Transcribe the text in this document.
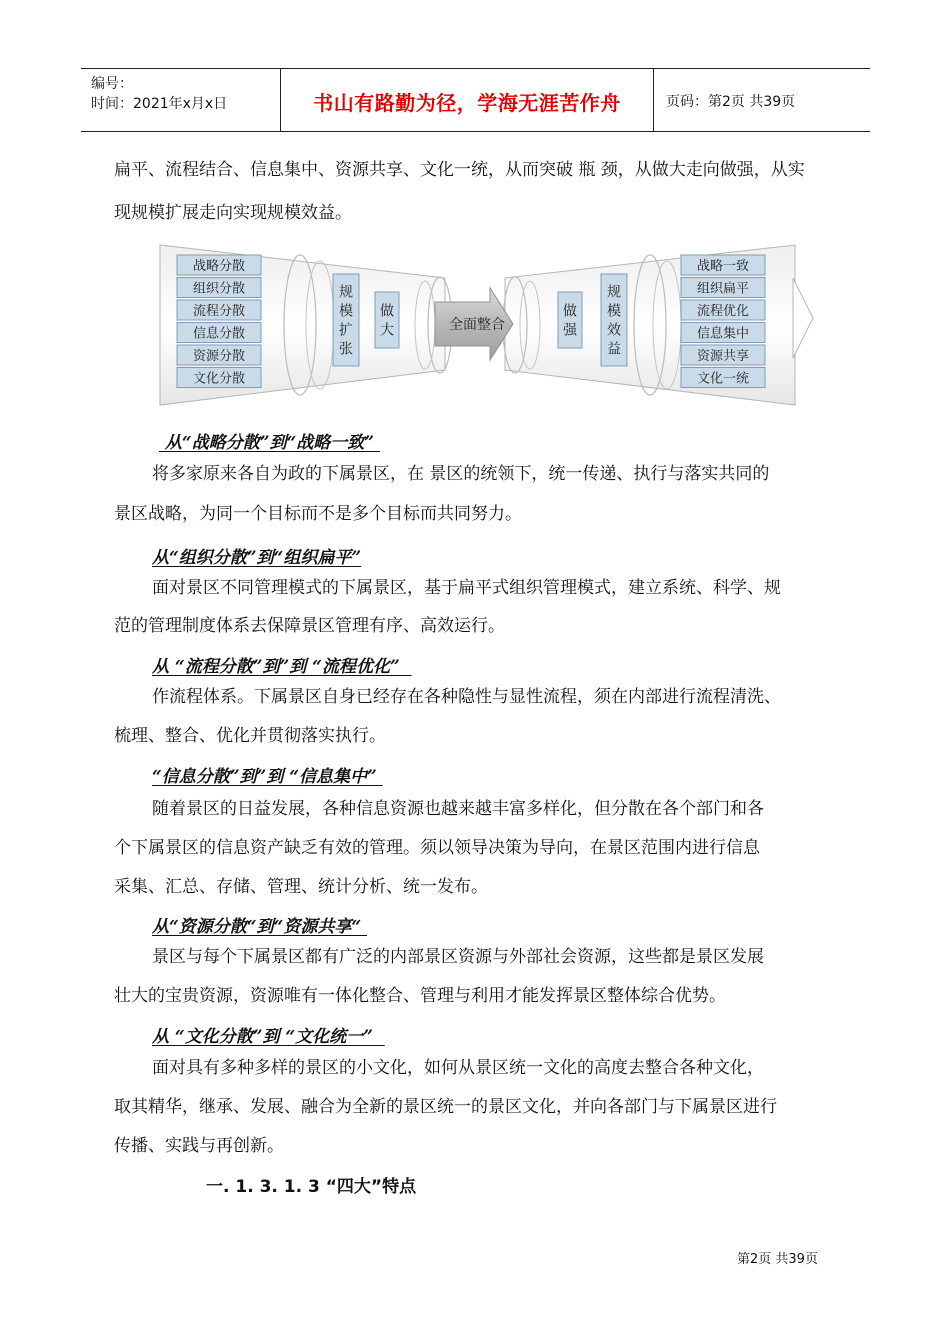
编号：
时间：2021年x月x日	书山有路勤为径，学海无涯苦作舟	页码：第2页 共39页
扁平、流程结合、信息集中、资源共享、文化一统，从而突破 瓶 颈，从做大走向做强，从实
现规模扩展走向实现规模效益。
战略分散
组织分散
流程分散
信息分散
资源分散
文化分散
战略一致
组织扁平
流程优化
信息集中
资源共享
文化一统
规模扩张
做大	全面整合
做强
规模效益
从“战略分散”到“战略一致”
将多家原来各自为政的下属景区，在 景区的统领下，统一传递、执行与落实共同的
景区战略，为同一个目标而不是多个目标而共同努力。
从“组织分散”到“组织扁平”
面对景区不同管理模式的下属景区，基于扁平式组织管理模式，建立系统、科学、规
范的管理制度体系去保障景区管理有序、高效运行。
从 “流程分散”到”到 “流程优化”
作流程体系。下属景区自身已经存在各种隐性与显性流程，须在内部进行流程清洗、
梳理、整合、优化并贯彻落实执行。
“信息分散”到”到 “信息集中”
随着景区的日益发展，各种信息资源也越来越丰富多样化，但分散在各个部门和各
个下属景区的信息资产缺乏有效的管理。须以领导决策为导向，在景区范围内进行信息
采集、汇总、存储、管理、统计分析、统一发布。
从“资源分散“到“资源共享“
景区与每个下属景区都有广泛的内部景区资源与外部社会资源，这些都是景区发展
壮大的宝贵资源，资源唯有一体化整合、管理与利用才能发挥景区整体综合优势。
从 “文化分散”到 “文化统一”
面对具有多种多样的景区的小文化，如何从景区统一文化的高度去整合各种文化，
取其精华，继承、发展、融合为全新的景区统一的景区文化，并向各部门与下属景区进行
传播、实践与再创新。
一. 1. 3. 1. 3 “四大”特点
第2页 共39页
